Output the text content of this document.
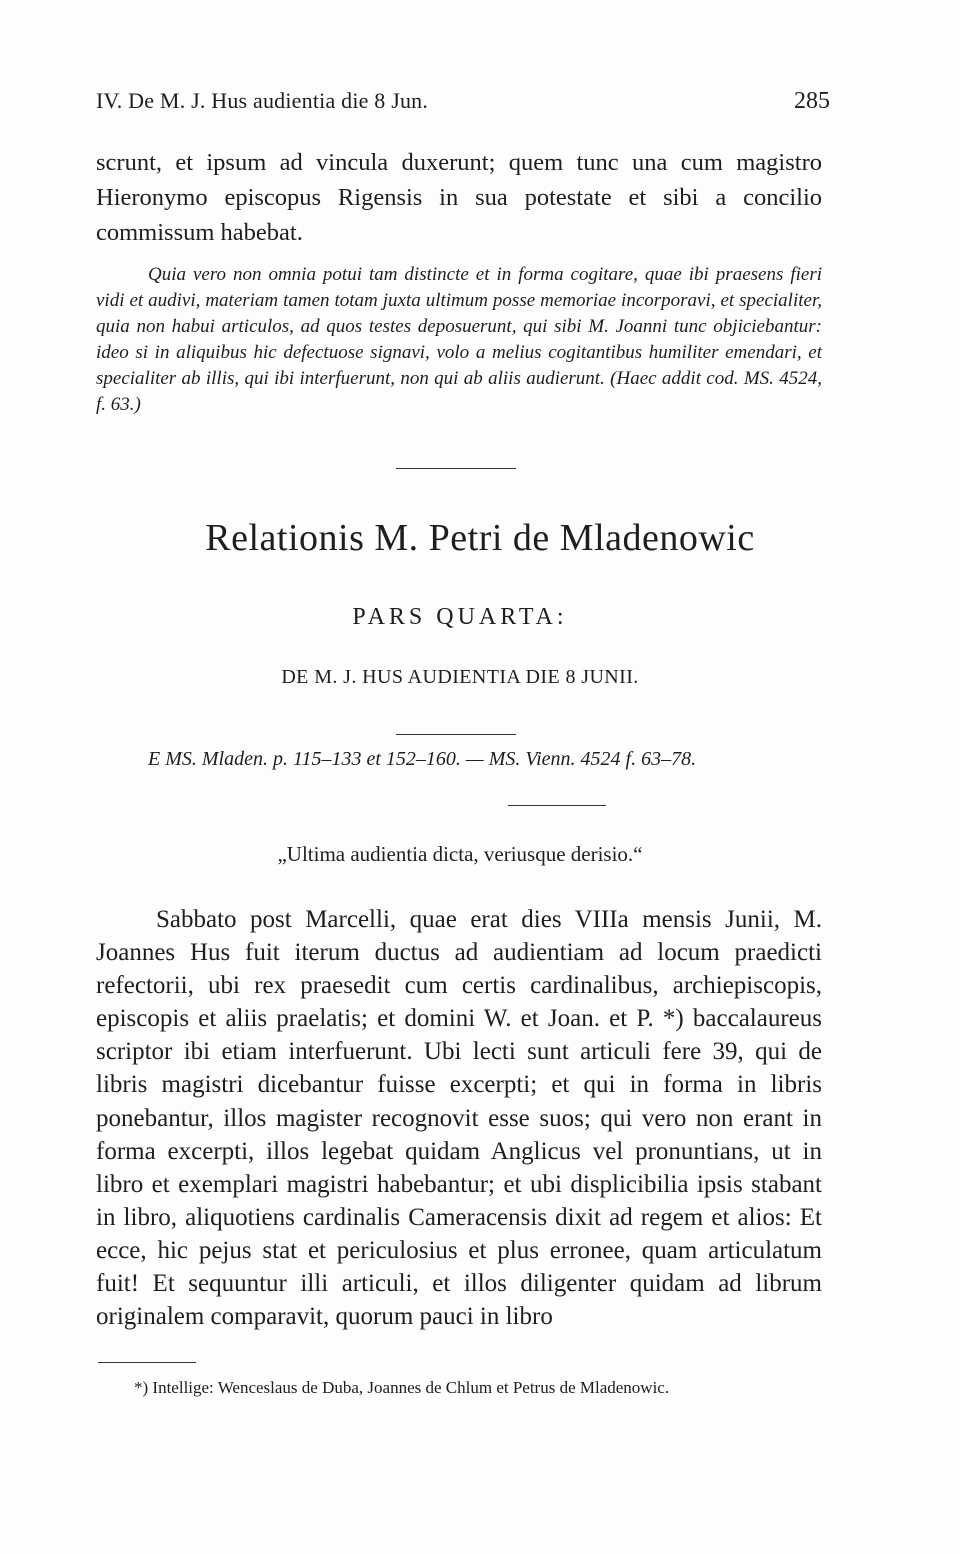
IV. De M. J. Hus audientia die 8 Jun.	285

scrunt, et ipsum ad vincula duxerunt; quem tunc una cum magistro Hieronymo episcopus Rigensis in sua potestate et sibi a concilio commissum habebat.

Quia vero non omnia potui tam distincte et in forma cogitare, quae ibi praesens fieri vidi et audivi, materiam tamen totam juxta ultimum posse memoriae incorporavi, et specialiter, quia non habui articulos, ad quos testes deposuerunt, qui sibi M. Joanni tunc objiciebantur: ideo si in aliquibus hic defectuose signavi, volo a melius cogitantibus humiliter emendari, et specialiter ab illis, qui ibi interfuerunt, non qui ab aliis audierunt. (Haec addit cod. MS. 4524, f. 63.)

Relationis M. Petri de Mladenowic
PARS QUARTA:
DE M. J. HUS AUDIENTIA DIE 8 JUNII.
E MS. Mladen. p. 115–133 et 152–160. — MS. Vienn. 4524 f. 63–78.
„Ultima audientia dicta, veriusque derisio.“

Sabbato post Marcelli, quae erat dies VIIIa mensis Junii, M. Joannes Hus fuit iterum ductus ad audientiam ad locum praedicti refectorii, ubi rex praesedit cum certis cardinalibus, archiepiscopis, episcopis et aliis praelatis; et domini W. et Joan. et P. *) baccalaureus scriptor ibi etiam interfuerunt. Ubi lecti sunt articuli fere 39, qui de libris magistri dicebantur fuisse excerpti; et qui in forma in libris ponebantur, illos magister recognovit esse suos; qui vero non erant in forma excerpti, illos legebat quidam Anglicus vel pronuntians, ut in libro et exemplari magistri habebantur; et ubi displicibilia ipsis stabant in libro, aliquotiens cardinalis Cameracensis dixit ad regem et alios: Et ecce, hic pejus stat et periculosius et plus erronee, quam articulatum fuit! Et sequuntur illi articuli, et illos diligenter quidam ad librum originalem comparavit, quorum pauci in libro

*) Intellige: Wenceslaus de Duba, Joannes de Chlum et Petrus de Mladenowic.
